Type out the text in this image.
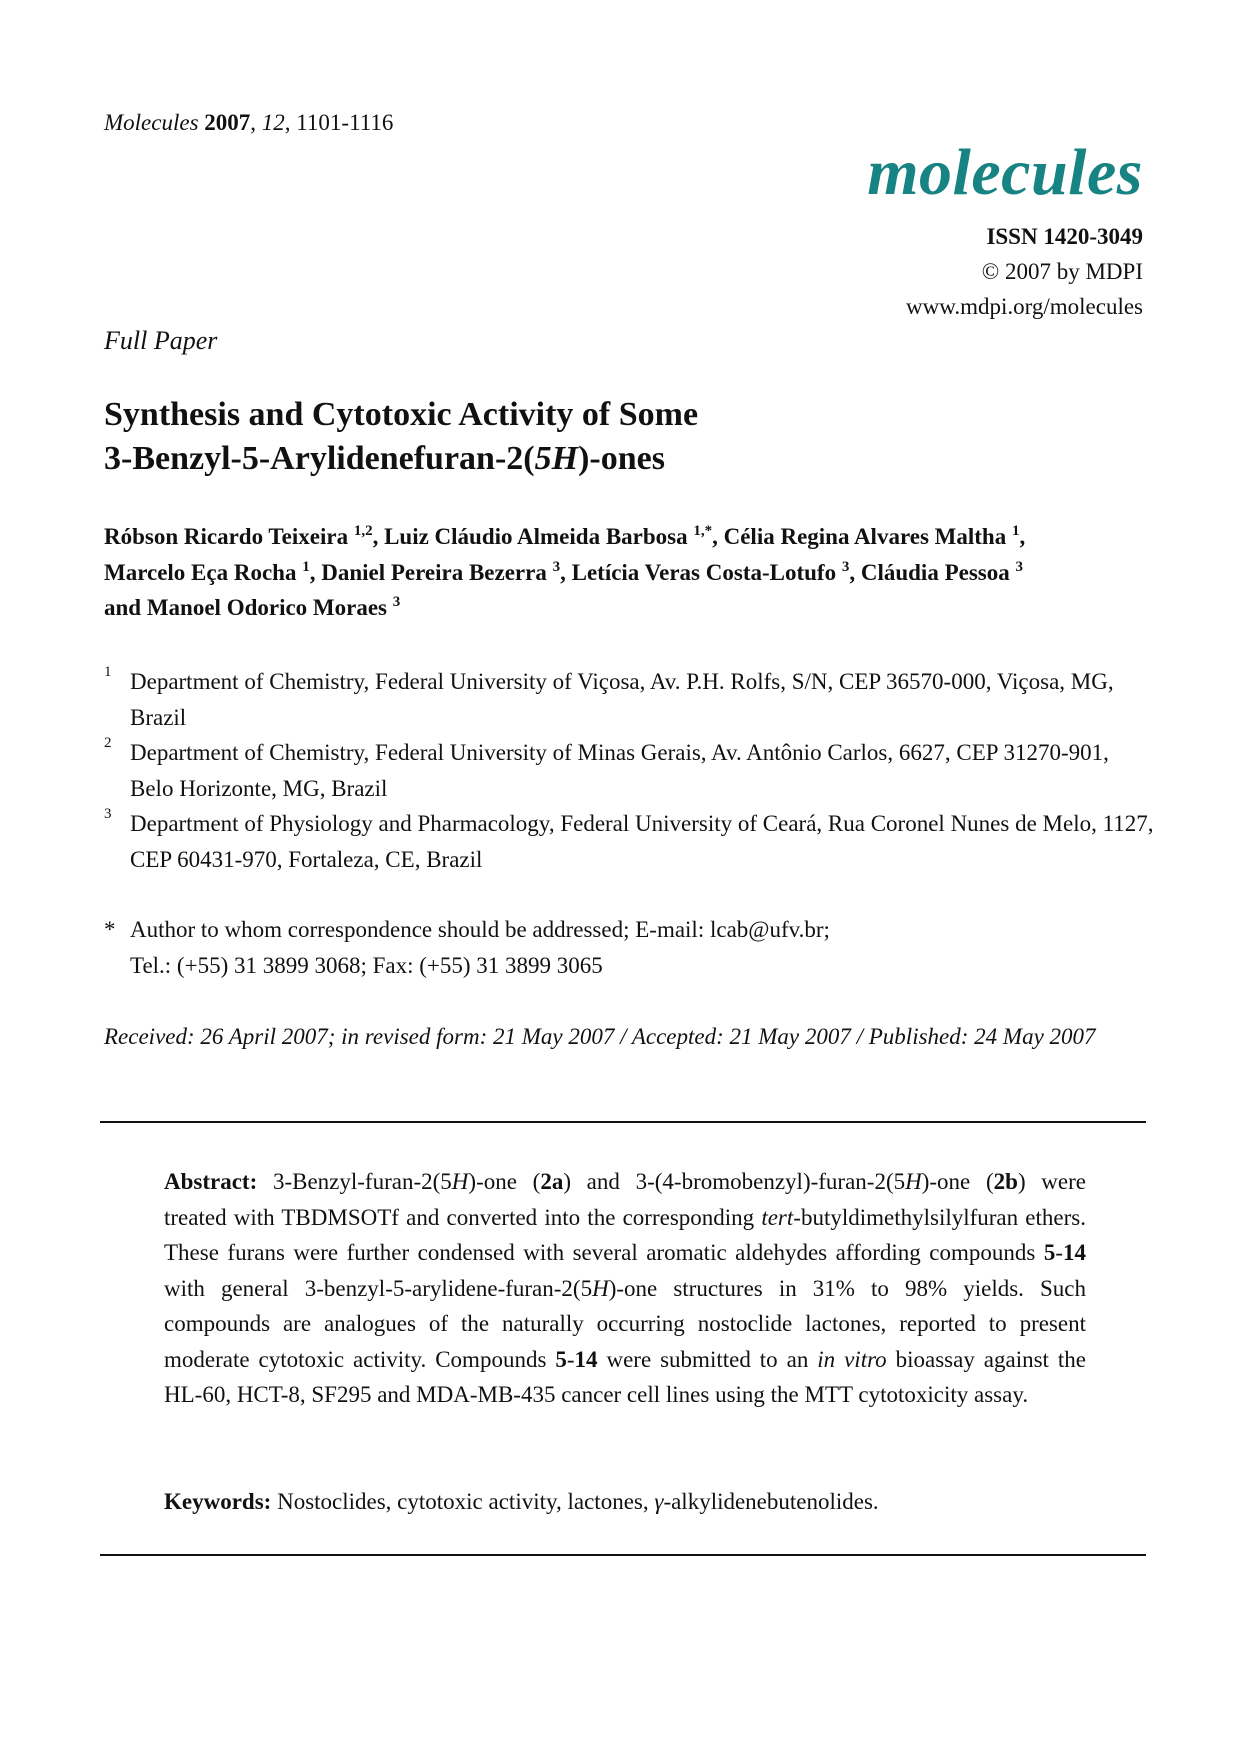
Molecules 2007, 12, 1101-1116
molecules
ISSN 1420-3049
© 2007 by MDPI
www.mdpi.org/molecules
Full Paper
Synthesis and Cytotoxic Activity of Some
3-Benzyl-5-Arylidenefuran-2(5H)-ones
Róbson Ricardo Teixeira $^{1,2}$, Luiz Cláudio Almeida Barbosa $^{1,*}$, Célia Regina Alvares Maltha $^1$,
Marcelo Eça Rocha $^1$, Daniel Pereira Bezerra $^3$, Letícia Veras Costa-Lotufo $^3$, Cláudia Pessoa $^3$
and Manoel Odorico Moraes $^3$
1 Department of Chemistry, Federal University of Viçosa, Av. P.H. Rolfs, S/N, CEP 36570-000, Viçosa, MG, Brazil
2 Department of Chemistry, Federal University of Minas Gerais, Av. Antônio Carlos, 6627, CEP 31270-901, Belo Horizonte, MG, Brazil
3 Department of Physiology and Pharmacology, Federal University of Ceará, Rua Coronel Nunes de Melo, 1127, CEP 60431-970, Fortaleza, CE, Brazil
* Author to whom correspondence should be addressed; E-mail: lcab@ufv.br;
Tel.: (+55) 31 3899 3068; Fax: (+55) 31 3899 3065
Received: 26 April 2007; in revised form: 21 May 2007 / Accepted: 21 May 2007 / Published: 24 May 2007

Abstract: 3-Benzyl-furan-2(5H)-one (2a) and 3-(4-bromobenzyl)-furan-2(5H)-one (2b) were treated with TBDMSOTf and converted into the corresponding tert-butyldimethylsilylfuran ethers. These furans were further condensed with several aromatic aldehydes affording compounds 5-14 with general 3-benzyl-5-arylidene-furan-2(5H)-one structures in 31% to 98% yields. Such compounds are analogues of the naturally occurring nostoclide lactones, reported to present moderate cytotoxic activity. Compounds 5-14 were submitted to an in vitro bioassay against the HL-60, HCT-8, SF295 and MDA-MB-435 cancer cell lines using the MTT cytotoxicity assay.

Keywords: Nostoclides, cytotoxic activity, lactones, γ-alkylidenebutenolides.
